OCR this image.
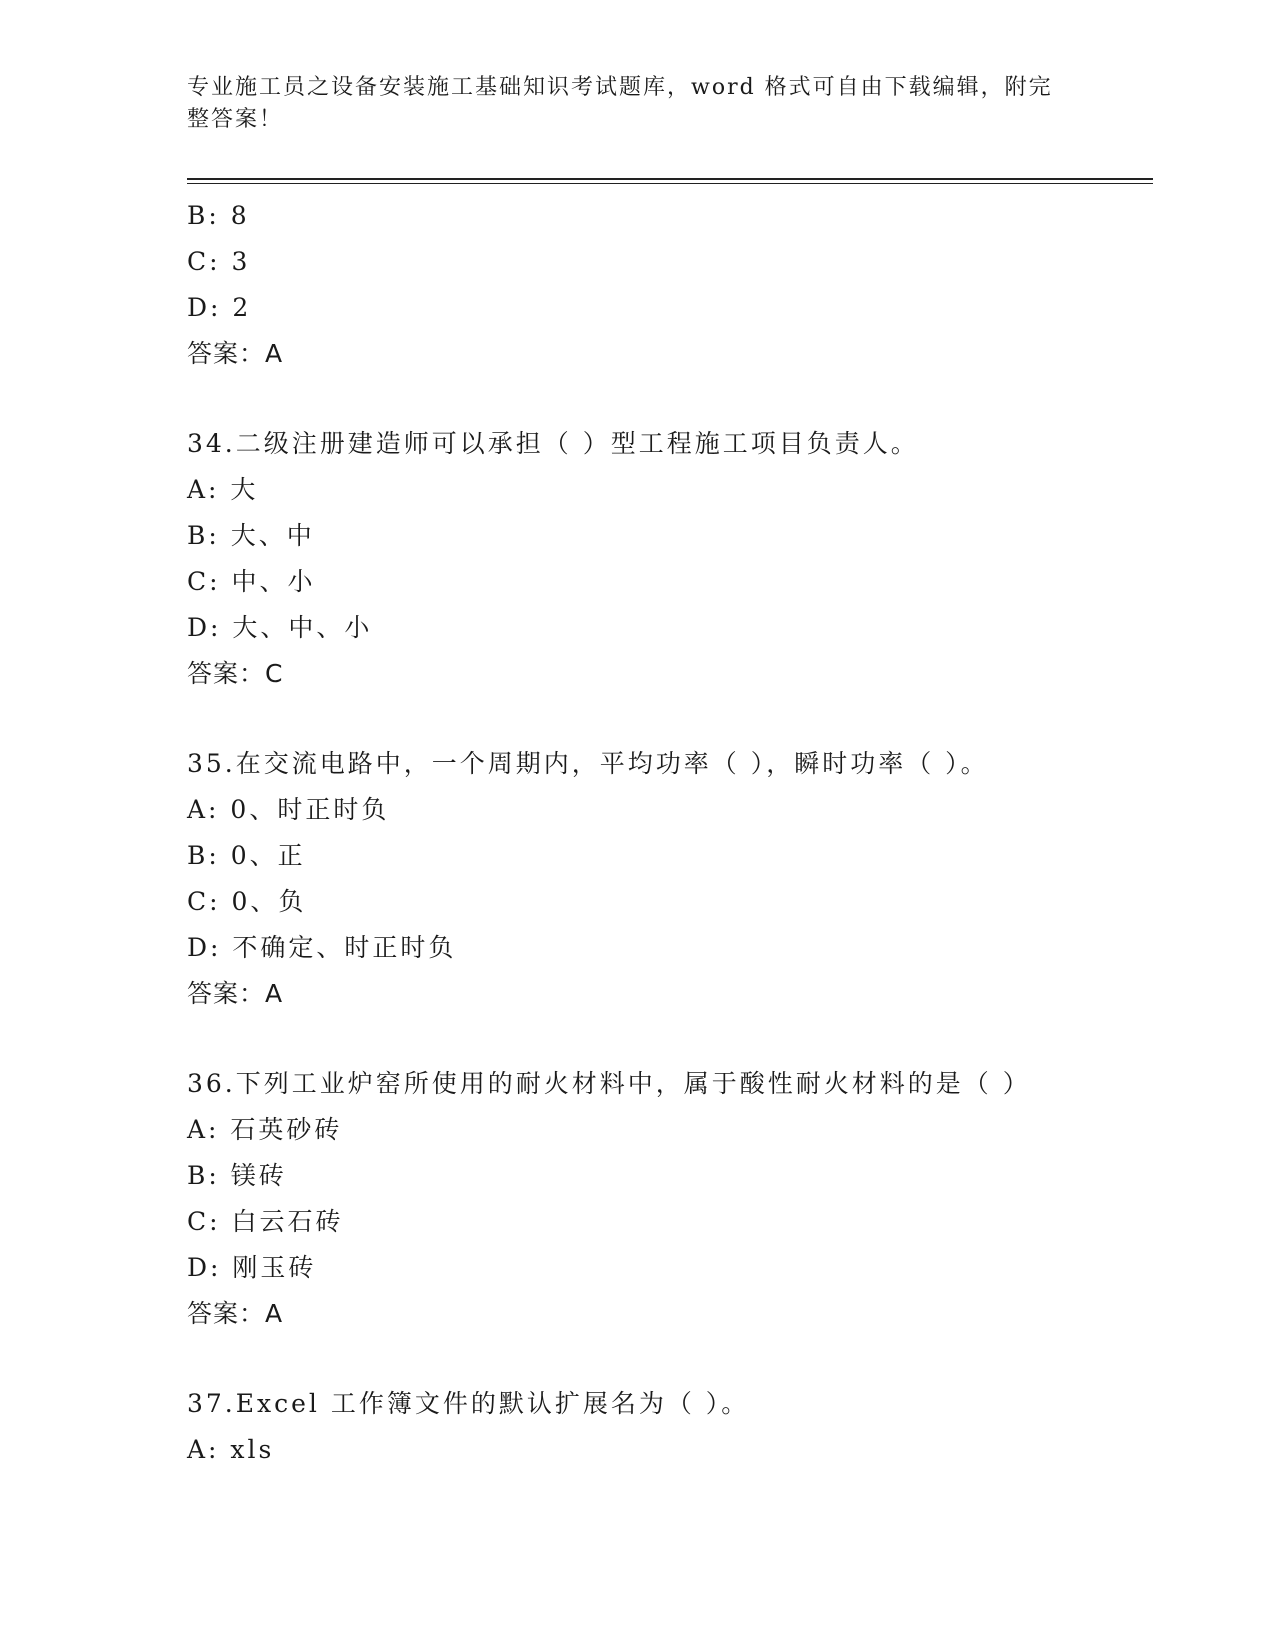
专业施工员之设备安装施工基础知识考试题库，word 格式可自由下载编辑，附完整答案！
B: 8
C: 3
D: 2
答案：A
34.二级注册建造师可以承担（ ）型工程施工项目负责人。
A: 大
B: 大、中
C: 中、小
D: 大、中、小
答案：C
35.在交流电路中，一个周期内，平均功率（ ），瞬时功率（ ）。
A: 0、时正时负
B: 0、正
C: 0、负
D: 不确定、时正时负
答案：A
36.下列工业炉窑所使用的耐火材料中，属于酸性耐火材料的是（ ）
A: 石英砂砖
B: 镁砖
C: 白云石砖
D: 刚玉砖
答案：A
37.Excel 工作簿文件的默认扩展名为（ ）。
A: xls
